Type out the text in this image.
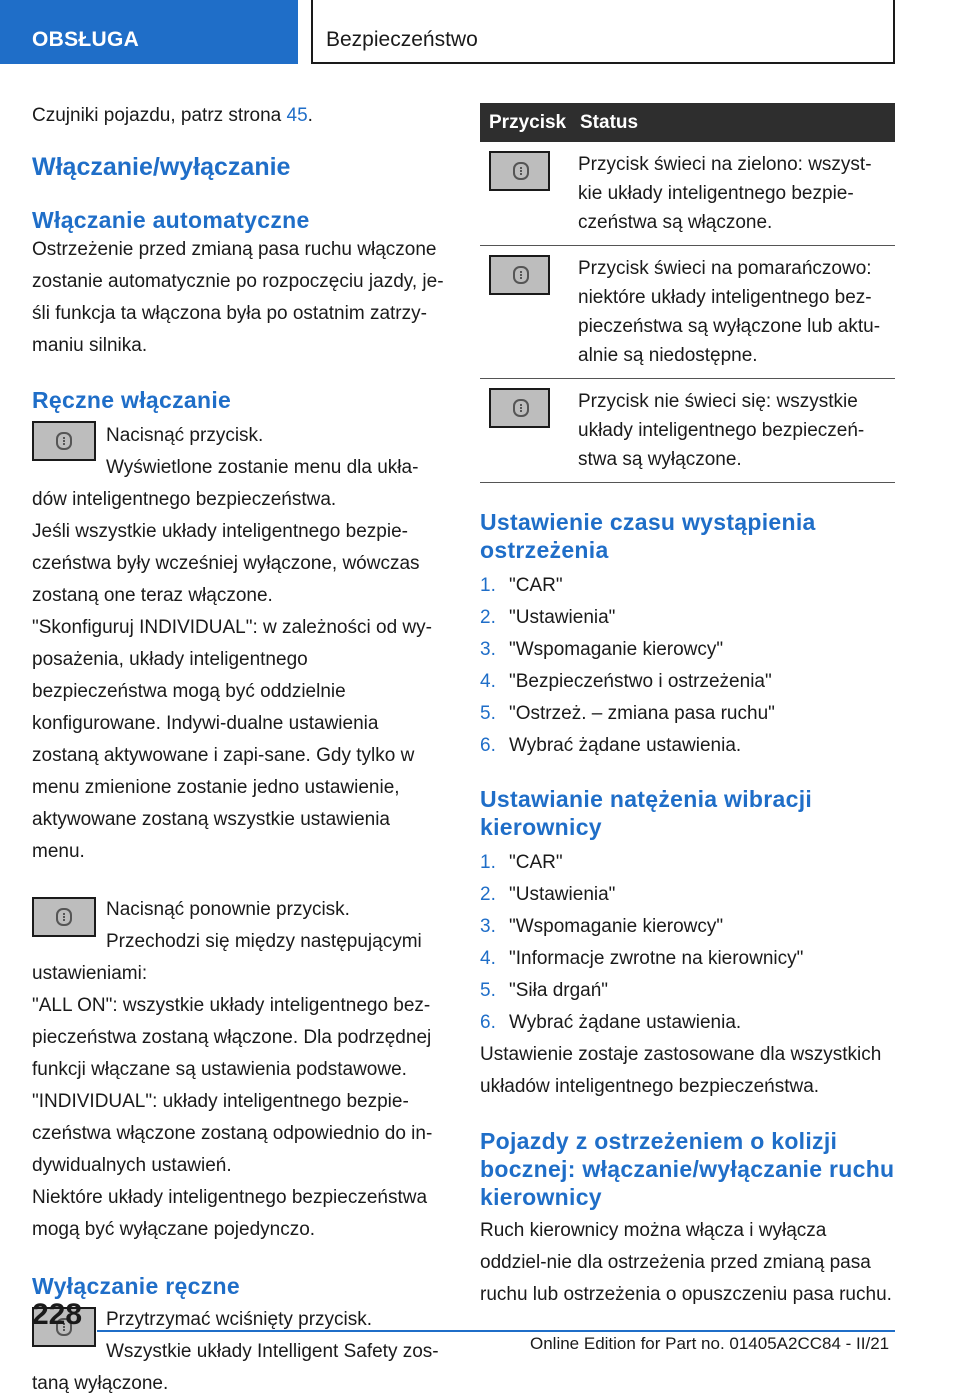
OBSŁUGA	Bezpieczeństwo

Czujniki pojazdu, patrz strona 45.

Włączanie/wyłączanie
Włączanie automatyczne

Ostrzeżenie przed zmianą pasa ruchu włączone zostanie automatycznie po rozpoczęciu jazdy, je-śli funkcja ta włączona była po ostatnim zatrzy-maniu silnika.

Ręczne włączanie

Nacisnąć przycisk.

Wyświetlone zostanie menu dla ukła-dów inteligentnego bezpieczeństwa.

Jeśli wszystkie układy inteligentnego bezpie-czeństwa były wcześniej wyłączone, wówczas zostaną one teraz włączone.

"Skonfiguruj INDIVIDUAL": w zależności od wy-posażenia, układy inteligentnego bezpieczeństwa mogą być oddzielnie konfigurowane. Indywi-dualne ustawienia zostaną aktywowane i zapi-sane. Gdy tylko w menu zmienione zostanie jedno ustawienie, aktywowane zostaną wszystkie ustawienia menu.

Nacisnąć ponownie przycisk.

Przechodzi się między następującymi ustawieniami:

"ALL ON": wszystkie układy inteligentnego bez-pieczeństwa zostaną włączone. Dla podrzędnej funkcji włączane są ustawienia podstawowe.

"INDIVIDUAL": układy inteligentnego bezpie-czeństwa włączone zostaną odpowiednio do in-dywidualnych ustawień.

Niektóre układy inteligentnego bezpieczeństwa mogą być wyłączane pojedynczo.

Wyłączanie ręczne

Przytrzymać wciśnięty przycisk.

Wszystkie układy Intelligent Safety zos-taną wyłączone.

Przycisk	Status

	Przycisk świeci na zielono: wszyst-kie układy inteligentnego bezpie-czeństwa są włączone.

	Przycisk świeci na pomarańczowo: niektóre układy inteligentnego bez-pieczeństwa są wyłączone lub aktu-alnie są niedostępne.

	Przycisk nie świeci się: wszystkie układy inteligentnego bezpieczeń-stwa są wyłączone.
Ustawienie czasu wystąpienia ostrzeżenia
1. "CAR"
2. "Ustawienia"
3. "Wspomaganie kierowcy"
4. "Bezpieczeństwo i ostrzeżenia"
5. "Ostrzeż. – zmiana pasa ruchu"
6. Wybrać żądane ustawienia.
Ustawianie natężenia wibracji kierownicy
1. "CAR"
2. "Ustawienia"
3. "Wspomaganie kierowcy"
4. "Informacje zwrotne na kierownicy"
5. "Siła drgań"
6. Wybrać żądane ustawienia.

Ustawienie zostaje zastosowane dla wszystkich układów inteligentnego bezpieczeństwa.

Pojazdy z ostrzeżeniem o kolizji bocznej: włączanie/wyłączanie ruchu kierownicy

Ruch kierownicy można włącza i wyłącza oddziel-nie dla ostrzeżenia przed zmianą pasa ruchu lub ostrzeżenia o opuszczeniu pasa ruchu.

228
Online Edition for Part no. 01405A2CC84 - II/21
